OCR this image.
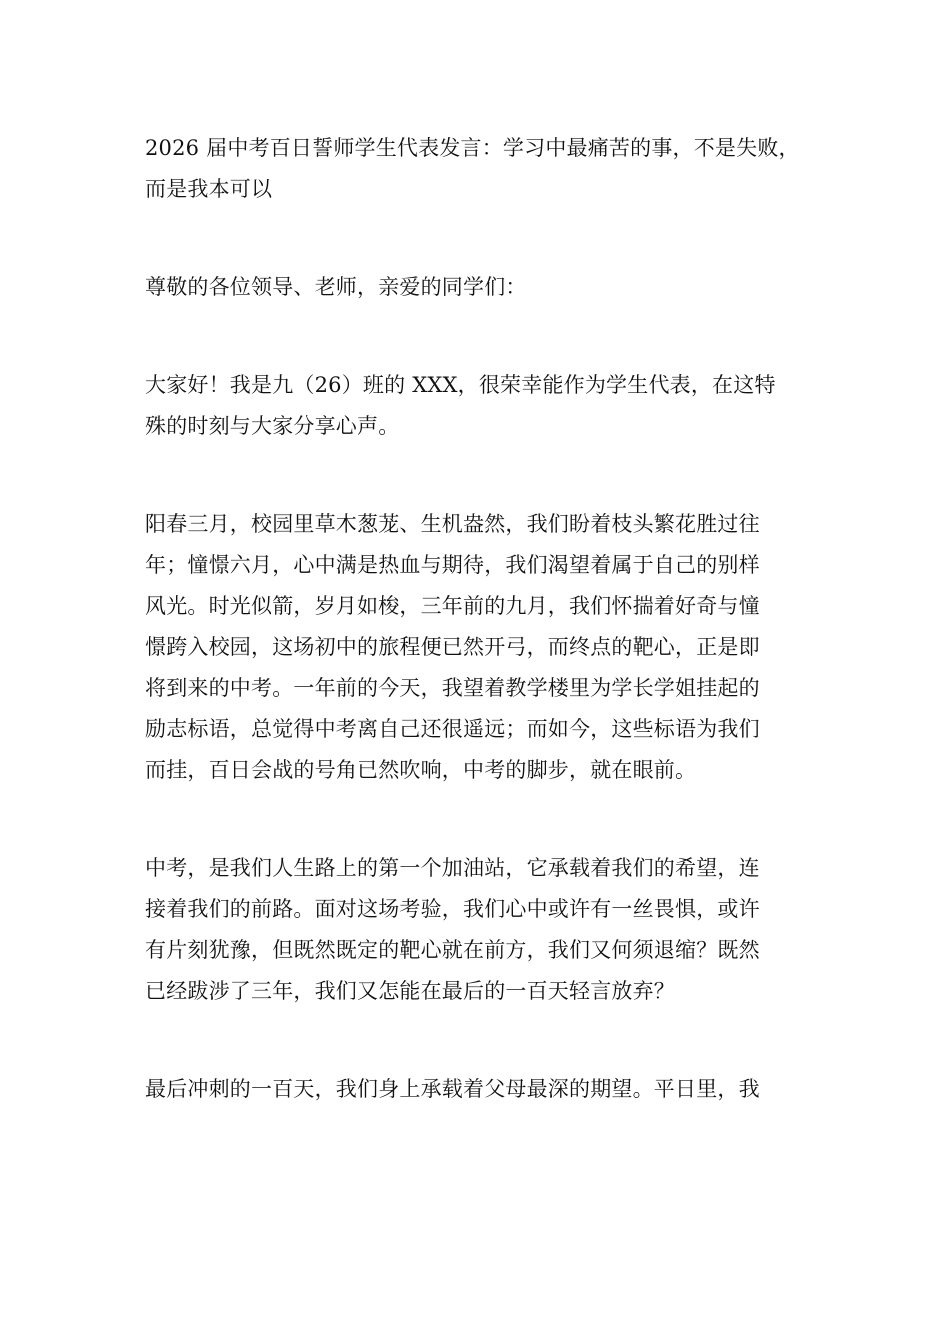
2026 届中考百日誓师学生代表发言：学习中最痛苦的事，不是失败，
而是我本可以

尊敬的各位领导、老师，亲爱的同学们：

大家好！我是九（26）班的 XXX，很荣幸能作为学生代表，在这特
殊的时刻与大家分享心声。

阳春三月，校园里草木葱茏、生机盎然，我们盼着枝头繁花胜过往
年；憧憬六月，心中满是热血与期待，我们渴望着属于自己的别样
风光。时光似箭，岁月如梭，三年前的九月，我们怀揣着好奇与憧
憬跨入校园，这场初中的旅程便已然开弓，而终点的靶心，正是即
将到来的中考。一年前的今天，我望着教学楼里为学长学姐挂起的
励志标语，总觉得中考离自己还很遥远；而如今，这些标语为我们
而挂，百日会战的号角已然吹响，中考的脚步，就在眼前。

中考，是我们人生路上的第一个加油站，它承载着我们的希望，连
接着我们的前路。面对这场考验，我们心中或许有一丝畏惧，或许
有片刻犹豫，但既然既定的靶心就在前方，我们又何须退缩？既然
已经跋涉了三年，我们又怎能在最后的一百天轻言放弃？

最后冲刺的一百天，我们身上承载着父母最深的期望。平日里，我
